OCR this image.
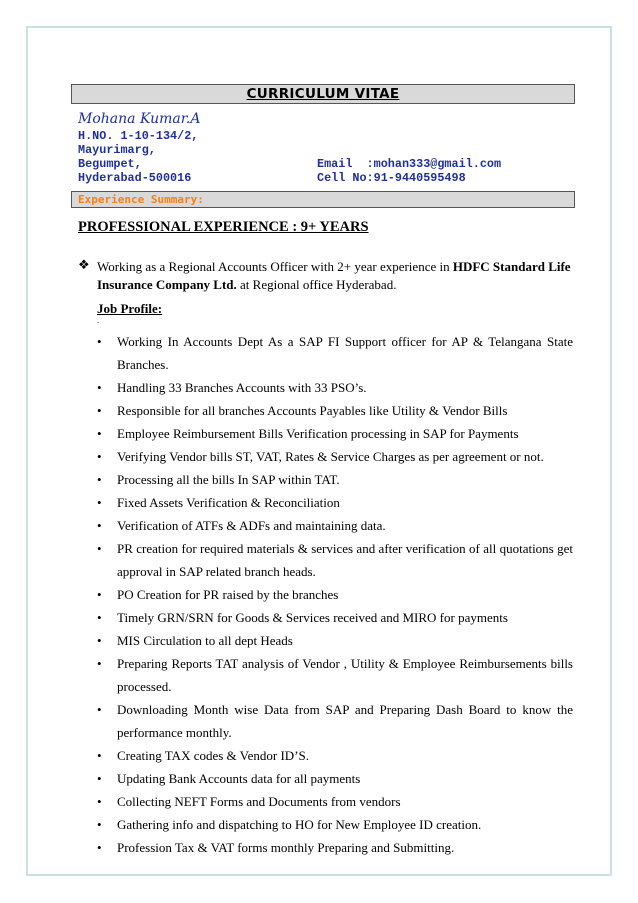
CURRICULUM VITAE
Mohana Kumar.A
H.NO. 1-10-134/2,
Mayurimarg,
Begumpet,
Hyderabad-500016
Email  :mohan333@gmail.com
Cell No:91-9440595498
Experience Summary:
PROFESSIONAL EXPERIENCE : 9+ YEARS
❖ Working as a Regional Accounts Officer with 2+ year experience in HDFC Standard Life Insurance Company Ltd. at Regional office Hyderabad.
Job Profile:
·
• Working In Accounts Dept As a SAP FI Support officer for AP & Telangana State Branches.
• Handling 33 Branches Accounts with 33 PSO’s.
• Responsible for all branches Accounts Payables like Utility & Vendor Bills
• Employee Reimbursement Bills Verification processing in SAP for Payments
• Verifying Vendor bills ST, VAT, Rates & Service Charges as per agreement or not.
• Processing all the bills In SAP within TAT.
• Fixed Assets Verification & Reconciliation
• Verification of ATFs & ADFs and maintaining data.
• PR creation for required materials & services and after verification of all quotations get approval in SAP related branch heads.
• PO Creation for PR raised by the branches
• Timely GRN/SRN for Goods & Services received and MIRO for payments
• MIS Circulation to all dept Heads
• Preparing Reports TAT analysis of Vendor , Utility & Employee Reimbursements bills processed.
• Downloading Month wise Data from SAP and Preparing Dash Board to know the performance monthly.
• Creating TAX codes & Vendor ID’S.
• Updating Bank Accounts data for all payments
• Collecting NEFT Forms and Documents from vendors
• Gathering info and dispatching to HO for New Employee ID creation.
• Profession Tax & VAT forms monthly Preparing and Submitting.
